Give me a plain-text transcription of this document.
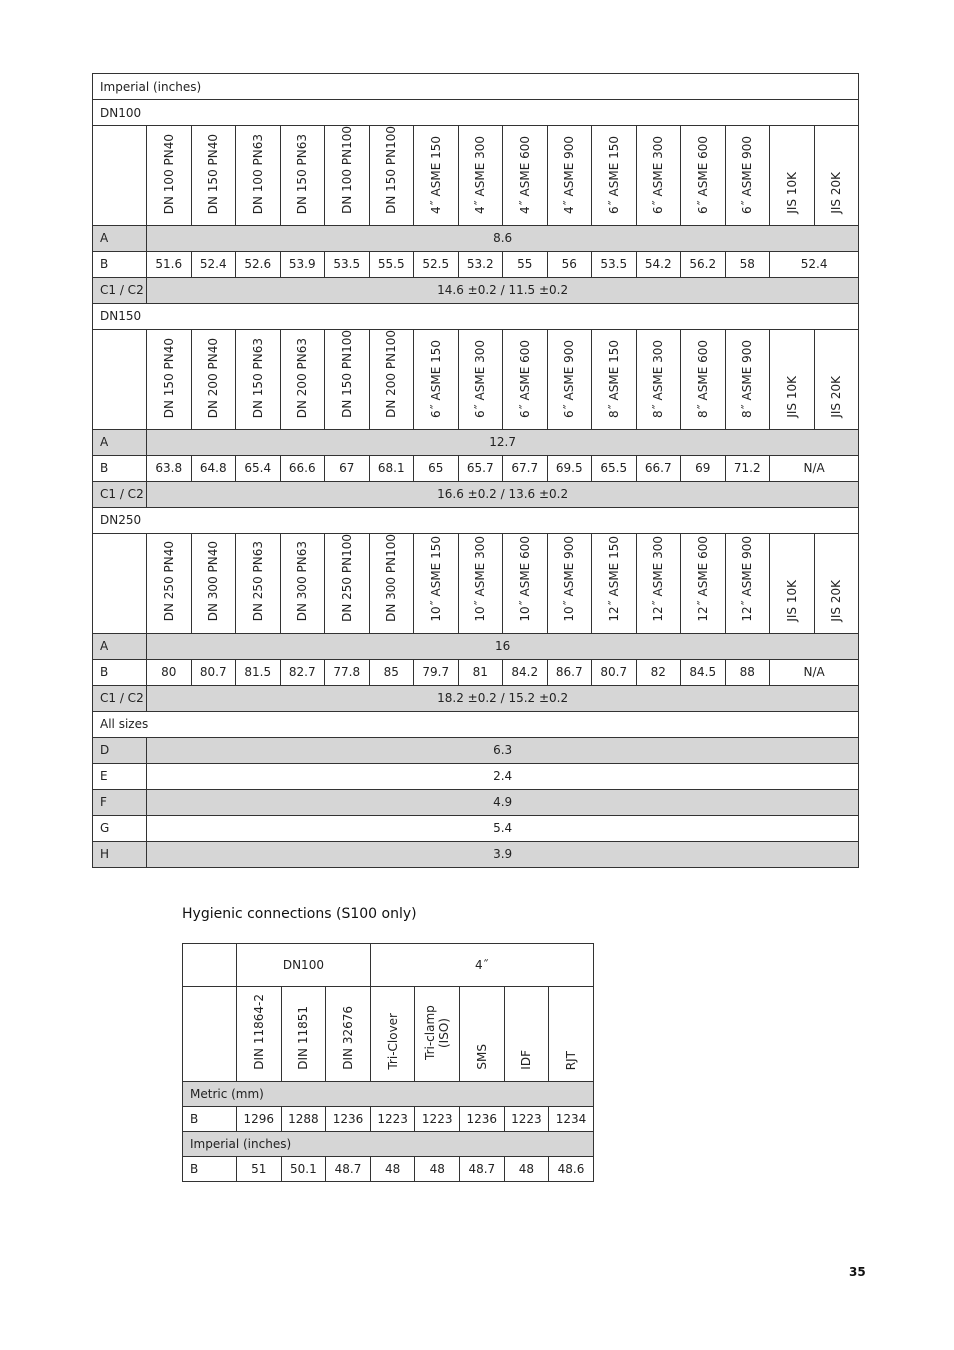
Imperial (inches)																
DN100																
	DN 100 PN40	DN 150 PN40	DN 100 PN63	DN 150 PN63	DN 100 PN100	DN 150 PN100	4˝ ASME 150	4˝ ASME 300	4˝ ASME 600	4˝ ASME 900	6˝ ASME 150	6˝ ASME 300	6˝ ASME 600	6˝ ASME 900	JIS 10K	JIS 20K
A	8.6															
B	51.6	52.4	52.6	53.9	53.5	55.5	52.5	53.2	55	56	53.5	54.2	56.2	58	52.4	
C1 / C2	14.6 ±0.2 / 11.5 ±0.2															
DN150																
	DN 150 PN40	DN 200 PN40	DN 150 PN63	DN 200 PN63	DN 150 PN100	DN 200 PN100	6˝ ASME 150	6˝ ASME 300	6˝ ASME 600	6˝ ASME 900	8˝ ASME 150	8˝ ASME 300	8˝ ASME 600	8˝ ASME 900	JIS 10K	JIS 20K
A	12.7															
B	63.8	64.8	65.4	66.6	67	68.1	65	65.7	67.7	69.5	65.5	66.7	69	71.2	N/A	
C1 / C2	16.6 ±0.2 / 13.6 ±0.2															
DN250																
	DN 250 PN40	DN 300 PN40	DN 250 PN63	DN 300 PN63	DN 250 PN100	DN 300 PN100	10˝ ASME 150	10˝ ASME 300	10˝ ASME 600	10˝ ASME 900	12˝ ASME 150	12˝ ASME 300	12˝ ASME 600	12˝ ASME 900	JIS 10K	JIS 20K
A	16															
B	80	80.7	81.5	82.7	77.8	85	79.7	81	84.2	86.7	80.7	82	84.5	88	N/A	
C1 / C2	18.2 ±0.2 / 15.2 ±0.2															
All sizes																
D	6.3															
E	2.4															
F	4.9															
G	5.4															
H	3.9															
Hygienic connections (S100 only)
	DN100			4˝				
	DIN 11864-2	DIN 11851	DIN 32676	Tri-Clover	Tri-clamp (ISO)	SMS	IDF	RJT
Metric (mm)								
B	1296	1288	1236	1223	1223	1236	1223	1234
Imperial (inches)								
B	51	50.1	48.7	48	48	48.7	48	48.6
35
